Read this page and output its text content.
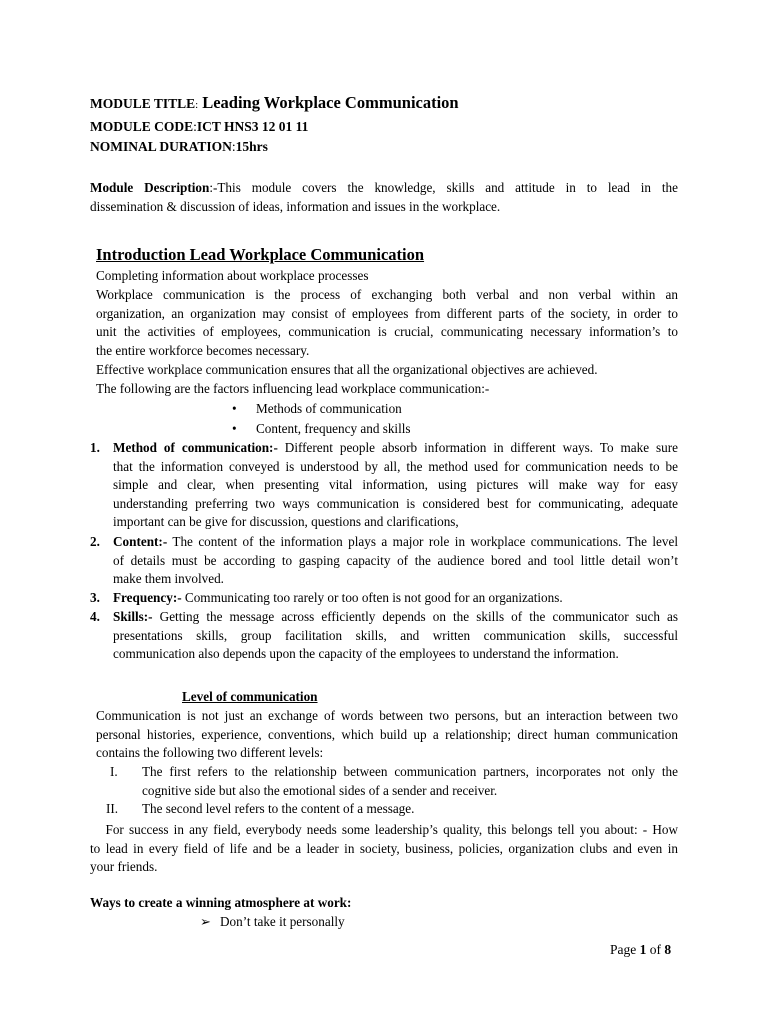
MODULE TITLE: Leading Workplace Communication
MODULE CODE:ICT HNS3 12 01 11
NOMINAL DURATION:15hrs
Module Description:-This module covers the knowledge, skills and attitude in to lead in the
dissemination & discussion of ideas, information and issues in the workplace.
Introduction Lead Workplace Communication
Completing information about workplace processes
Workplace communication is the process of exchanging both verbal and non verbal within an
organization, an organization may consist of employees from different parts of the society, in order to
unit the activities of employees, communication is crucial, communicating necessary information’s to
the entire workforce becomes necessary.
Effective workplace communication ensures that all the organizational objectives are achieved.
The following are the factors influencing lead workplace communication:-
• Methods of communication
• Content, frequency and skills
1. Method of communication:- Different people absorb information in different ways. To make sure
that the information conveyed is understood by all, the method used for communication needs to be
simple and clear, when presenting vital information, using pictures will make way for easy
understanding preferring two ways communication is considered best for communicating, adequate
important can be give for discussion, questions and clarifications,
2. Content:- The content of the information plays a major role in workplace communications. The level
of details must be according to gasping capacity of the audience bored and tool little detail won’t
make them involved.
3. Frequency:- Communicating too rarely or too often is not good for an organizations.
4. Skills:- Getting the message across efficiently depends on the skills of the communicator such as
presentations skills, group facilitation skills, and written communication skills, successful
communication also depends upon the capacity of the employees to understand the information.
Level of communication
Communication is not just an exchange of words between two persons, but an interaction between two
personal histories, experience, conventions, which build up a relationship; direct human communication
contains the following two different levels:
I. The first refers to the relationship between communication partners, incorporates not only the
cognitive side but also the emotional sides of a sender and receiver.
II. The second level refers to the content of a message.
For success in any field, everybody needs some leadership’s quality, this belongs tell you about: - How
to lead in every field of life and be a leader in society, business, policies, organization clubs and even in
your friends.
Ways to create a winning atmosphere at work:
➢ Don’t take it personally
Page 1 of 8
